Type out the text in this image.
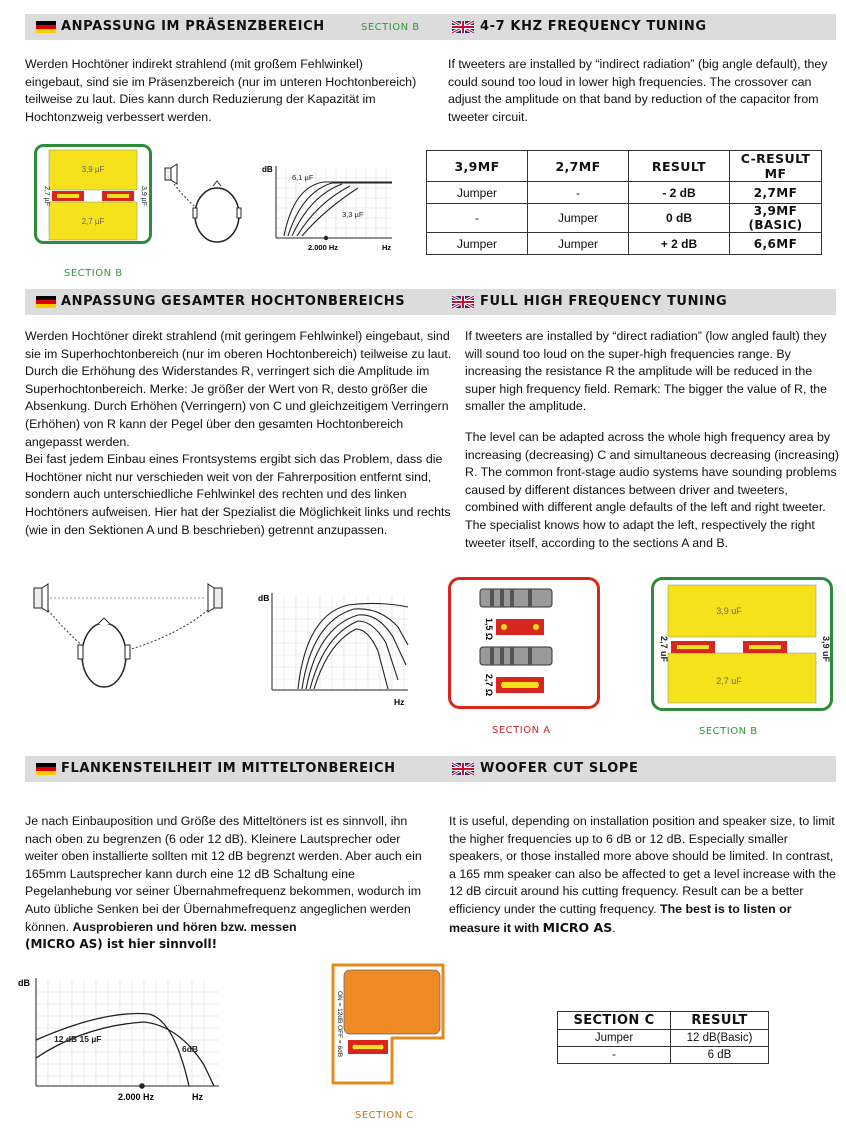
ANPASSUNG IM PRÄSENZBEREICH	SECTION B	4-7 KHZ FREQUENCY TUNING
Werden Hochtöner indirekt strahlend (mit großem Fehlwinkel) eingebaut, sind sie im Präsenzbereich (nur im unteren Hochtonbereich) teilweise zu laut. Dies kann durch Reduzierung der Kapazität im Hochtonzweig verbessert werden.
If tweeters are installed by “indirect radiation” (big angle default), they could sound too loud in lower high frequencies. The crossover can adjust the amplitude on that band by reduction of the capacitor from tweeter circuit.
3,9 µF
2,7 µF
2,7 µF	3,9 µF
SECTION B
dB
6,1 µF
3,3 µF
2.000 Hz	Hz
3,9ΜF	2,7ΜF	RESULT	C-RESULT ΜF
Jumper	-	- 2 dB	2,7ΜF
-	Jumper	0 dB	3,9ΜF (BASIC)
Jumper	Jumper	+ 2 dB	6,6ΜF
ANPASSUNG GESAMTER HOCHTONBEREICHS	FULL HIGH FREQUENCY TUNING

Werden Hochtöner direkt strahlend (mit geringem Fehlwinkel) eingebaut, sind sie im Superhochtonbereich (nur im oberen Hochtonbereich) teilweise zu laut. Durch die Erhöhung des Widerstandes R, verringert sich die Amplitude im Superhochtonbereich. Merke: Je größer der Wert von R, desto größer die Absenkung. Durch Erhöhen (Verringern) von C und gleichzeitigem Verringern (Erhöhen) von R kann der Pegel über den gesamten Hochtonbereich angepasst werden.

Bei fast jedem Einbau eines Frontsystems ergibt sich das Problem, dass die Hochtöner nicht nur verschieden weit von der Fahrerposition entfernt sind, sondern auch unterschiedliche Fehlwinkel des rechten und des linken Hochtöners aufweisen. Hier hat der Spezialist die Möglichkeit links und rechts (wie in den Sektionen A und B beschrieben) getrennt anzupassen.

If tweeters are installed by “direct radiation” (low angled fault) they will sound too loud on the super-high frequencies range. By increasing the resistance R the amplitude will be reduced in the super high frequency field. Remark: The bigger the value of R, the smaller the amplitude.

The level can be adapted across the whole high frequency area by increasing (decreasing) C and simultaneous decreasing (increasing) R. The common front-stage audio systems have sounding problems caused by different distances between driver and tweeters, combined with different angle defaults of the left and right tweeter. The specialist knows how to adapt the left, respectively the right tweeter itself, according to the sections A and B.

dB
Hz
1,5 Ω
2,7 Ω
SECTION A
3,9 uF
2,7 uF
2,7 uF	3,9 uF
SECTION B
FLANKENSTEILHEIT IM MITTELTONBEREICH	WOOFER CUT SLOPE
Je nach Einbauposition und Größe des Mitteltöners ist es sinnvoll, ihn nach oben zu begrenzen (6 oder 12 dB). Kleinere Lautsprecher oder weiter oben installierte sollten mit 12 dB begrenzt werden. Aber auch ein 165mm Lautsprecher kann durch eine 12 dB Schaltung eine Pegelanhebung vor seiner Übernahmefrequenz bekommen, wodurch im Auto übliche Senken bei der Übernahmefrequenz angeglichen werden können. Ausprobieren und hören bzw. messen
(MICRO AS) ist hier sinnvoll!
It is useful, depending on installation position and speaker size, to limit the higher frequencies up to 6 dB or 12 dB. Especially smaller speakers, or those installed more above should be limited. In contrast, a 165 mm speaker can also be affected to get a level increase with the 12 dB circuit around his cutting frequency. Result can be a better efficiency under the cutting frequency. The best is to listen or measure it with MICRO AS.
dB
12 dB 15 µF
6dB
2.000 Hz	Hz
ON = 12dB OFF = 6dB
SECTION C
SECTION C	RESULT
Jumper	12 dB(Basic)
-	6 dB
